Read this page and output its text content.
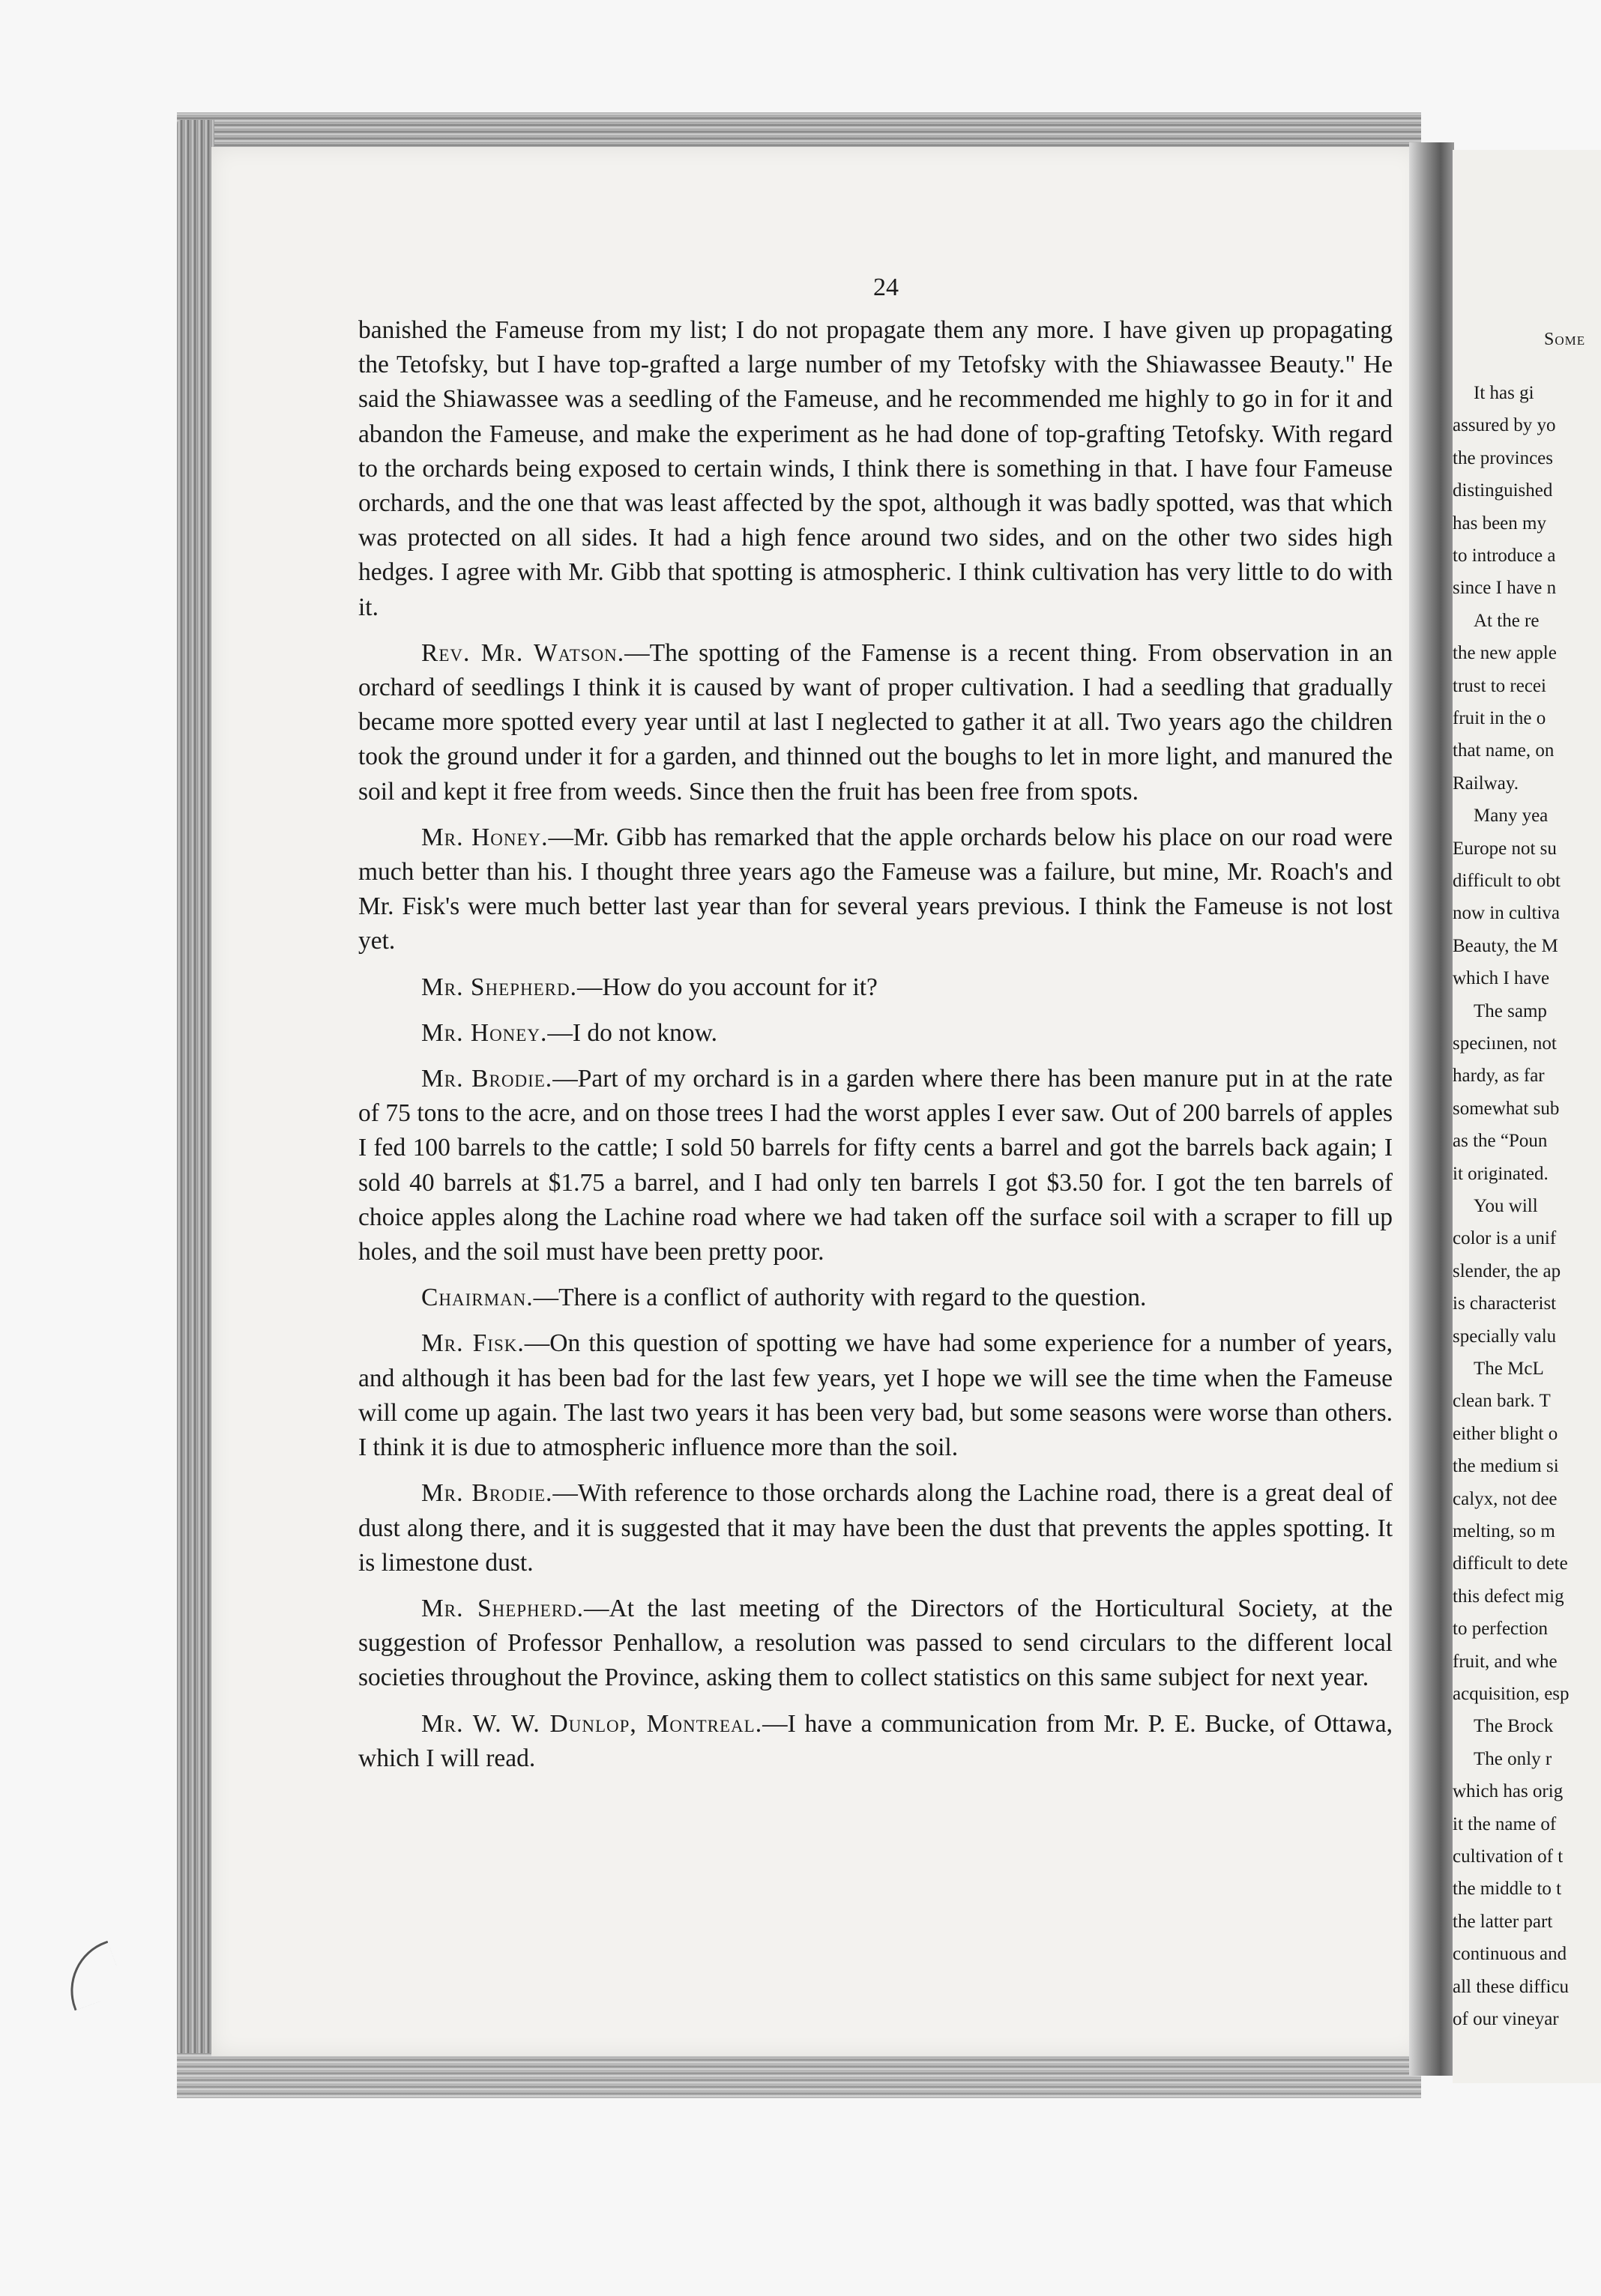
Some
It has gi
assured by yo
the provinces
distinguished
has been my
to introduce a
since I have n
At the re
the new apple
trust to recei
fruit in the o
that name, on
Railway.
Many yea
Europe not su
difficult to obt
now in cultiva
Beauty, the M
which I have
The samp
speciınen, not
hardy, as far
somewhat sub
as the “Poun
it originated.
You will
color is a unif
slender, the ap
is characterist
specially valu
The McL
clean bark. T
either blight o
the medium si
calyx, not dee
melting, so m
difficult to dete
this defect mig
to perfection
fruit, and whe
acquisition, esp
The Brock
The only r
which has orig
it the name of
cultivation of t
the middle to t
the latter part
continuous and
all these difficu
of our vineyar
24

banished the Fameuse from my list; I do not propagate them any more. I have given up propagating the Tetofsky, but I have top-grafted a large number of my Tetofsky with the Shiawassee Beauty." He said the Shiawassee was a seedling of the Fameuse, and he recommended me highly to go in for it and abandon the Fameuse, and make the experiment as he had done of top-grafting Tetofsky. With regard to the orchards being exposed to certain winds, I think there is something in that. I have four Fameuse orchards, and the one that was least affected by the spot, although it was badly spotted, was that which was protected on all sides. It had a high fence around two sides, and on the other two sides high hedges. I agree with Mr. Gibb that spotting is atmospheric. I think cultivation has very little to do with it.

Rev. Mr. Watson.—The spotting of the Famense is a recent thing. From observation in an orchard of seedlings I think it is caused by want of proper cultivation. I had a seedling that gradually became more spotted every year until at last I neglected to gather it at all. Two years ago the children took the ground under it for a garden, and thinned out the boughs to let in more light, and manured the soil and kept it free from weeds. Since then the fruit has been free from spots.

Mr. Honey.—Mr. Gibb has remarked that the apple orchards below his place on our road were much better than his. I thought three years ago the Fameuse was a failure, but mine, Mr. Roach's and Mr. Fisk's were much better last year than for several years previous. I think the Fameuse is not lost yet.

Mr. Shepherd.—How do you account for it?

Mr. Honey.—I do not know.

Mr. Brodie.—Part of my orchard is in a garden where there has been manure put in at the rate of 75 tons to the acre, and on those trees I had the worst apples I ever saw. Out of 200 barrels of apples I fed 100 barrels to the cattle; I sold 50 barrels for fifty cents a barrel and got the barrels back again; I sold 40 barrels at $1.75 a barrel, and I had only ten barrels I got $3.50 for. I got the ten barrels of choice apples along the Lachine road where we had taken off the surface soil with a scraper to fill up holes, and the soil must have been pretty poor.

Chairman.—There is a conflict of authority with regard to the question.

Mr. Fisk.—On this question of spotting we have had some experience for a number of years, and although it has been bad for the last few years, yet I hope we will see the time when the Fameuse will come up again. The last two years it has been very bad, but some seasons were worse than others. I think it is due to atmospheric influence more than the soil.

Mr. Brodie.—With reference to those orchards along the Lachine road, there is a great deal of dust along there, and it is suggested that it may have been the dust that prevents the apples spotting. It is limestone dust.

Mr. Shepherd.—At the last meeting of the Directors of the Horticultural Society, at the suggestion of Professor Penhallow, a resolution was passed to send circulars to the different local societies throughout the Province, asking them to collect statistics on this same subject for next year.

Mr. W. W. Dunlop, Montreal.—I have a communication from Mr. P. E. Bucke, of Ottawa, which I will read.
